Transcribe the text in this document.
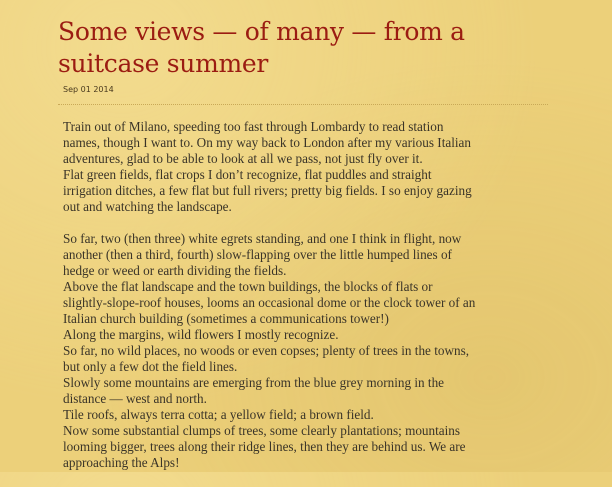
Some views — of many — from a suitcase summer

Sep 01 2014

Train out of Milano, speeding too fast through Lombardy to read station
names, though I want to. On my way back to London after my various Italian
adventures, glad to be able to look at all we pass, not just fly over it.
Flat green fields, flat crops I don’t recognize, flat puddles and straight
irrigation ditches, a few flat but full rivers; pretty big fields. I so enjoy gazing
out and watching the landscape.

So far, two (then three) white egrets standing, and one I think in flight, now
another (then a third, fourth) slow-flapping over the little humped lines of
hedge or weed or earth dividing the fields.
Above the flat landscape and the town buildings, the blocks of flats or
slightly-slope-roof houses, looms an occasional dome or the clock tower of an
Italian church building (sometimes a communications tower!)
Along the margins, wild flowers I mostly recognize.
So far, no wild places, no woods or even copses; plenty of trees in the towns,
but only a few dot the field lines.
Slowly some mountains are emerging from the blue grey morning in the
distance — west and north.
Tile roofs, always terra cotta; a yellow field; a brown field.
Now some substantial clumps of trees, some clearly plantations; mountains
looming bigger, trees along their ridge lines, then they are behind us. We are
approaching the Alps!
